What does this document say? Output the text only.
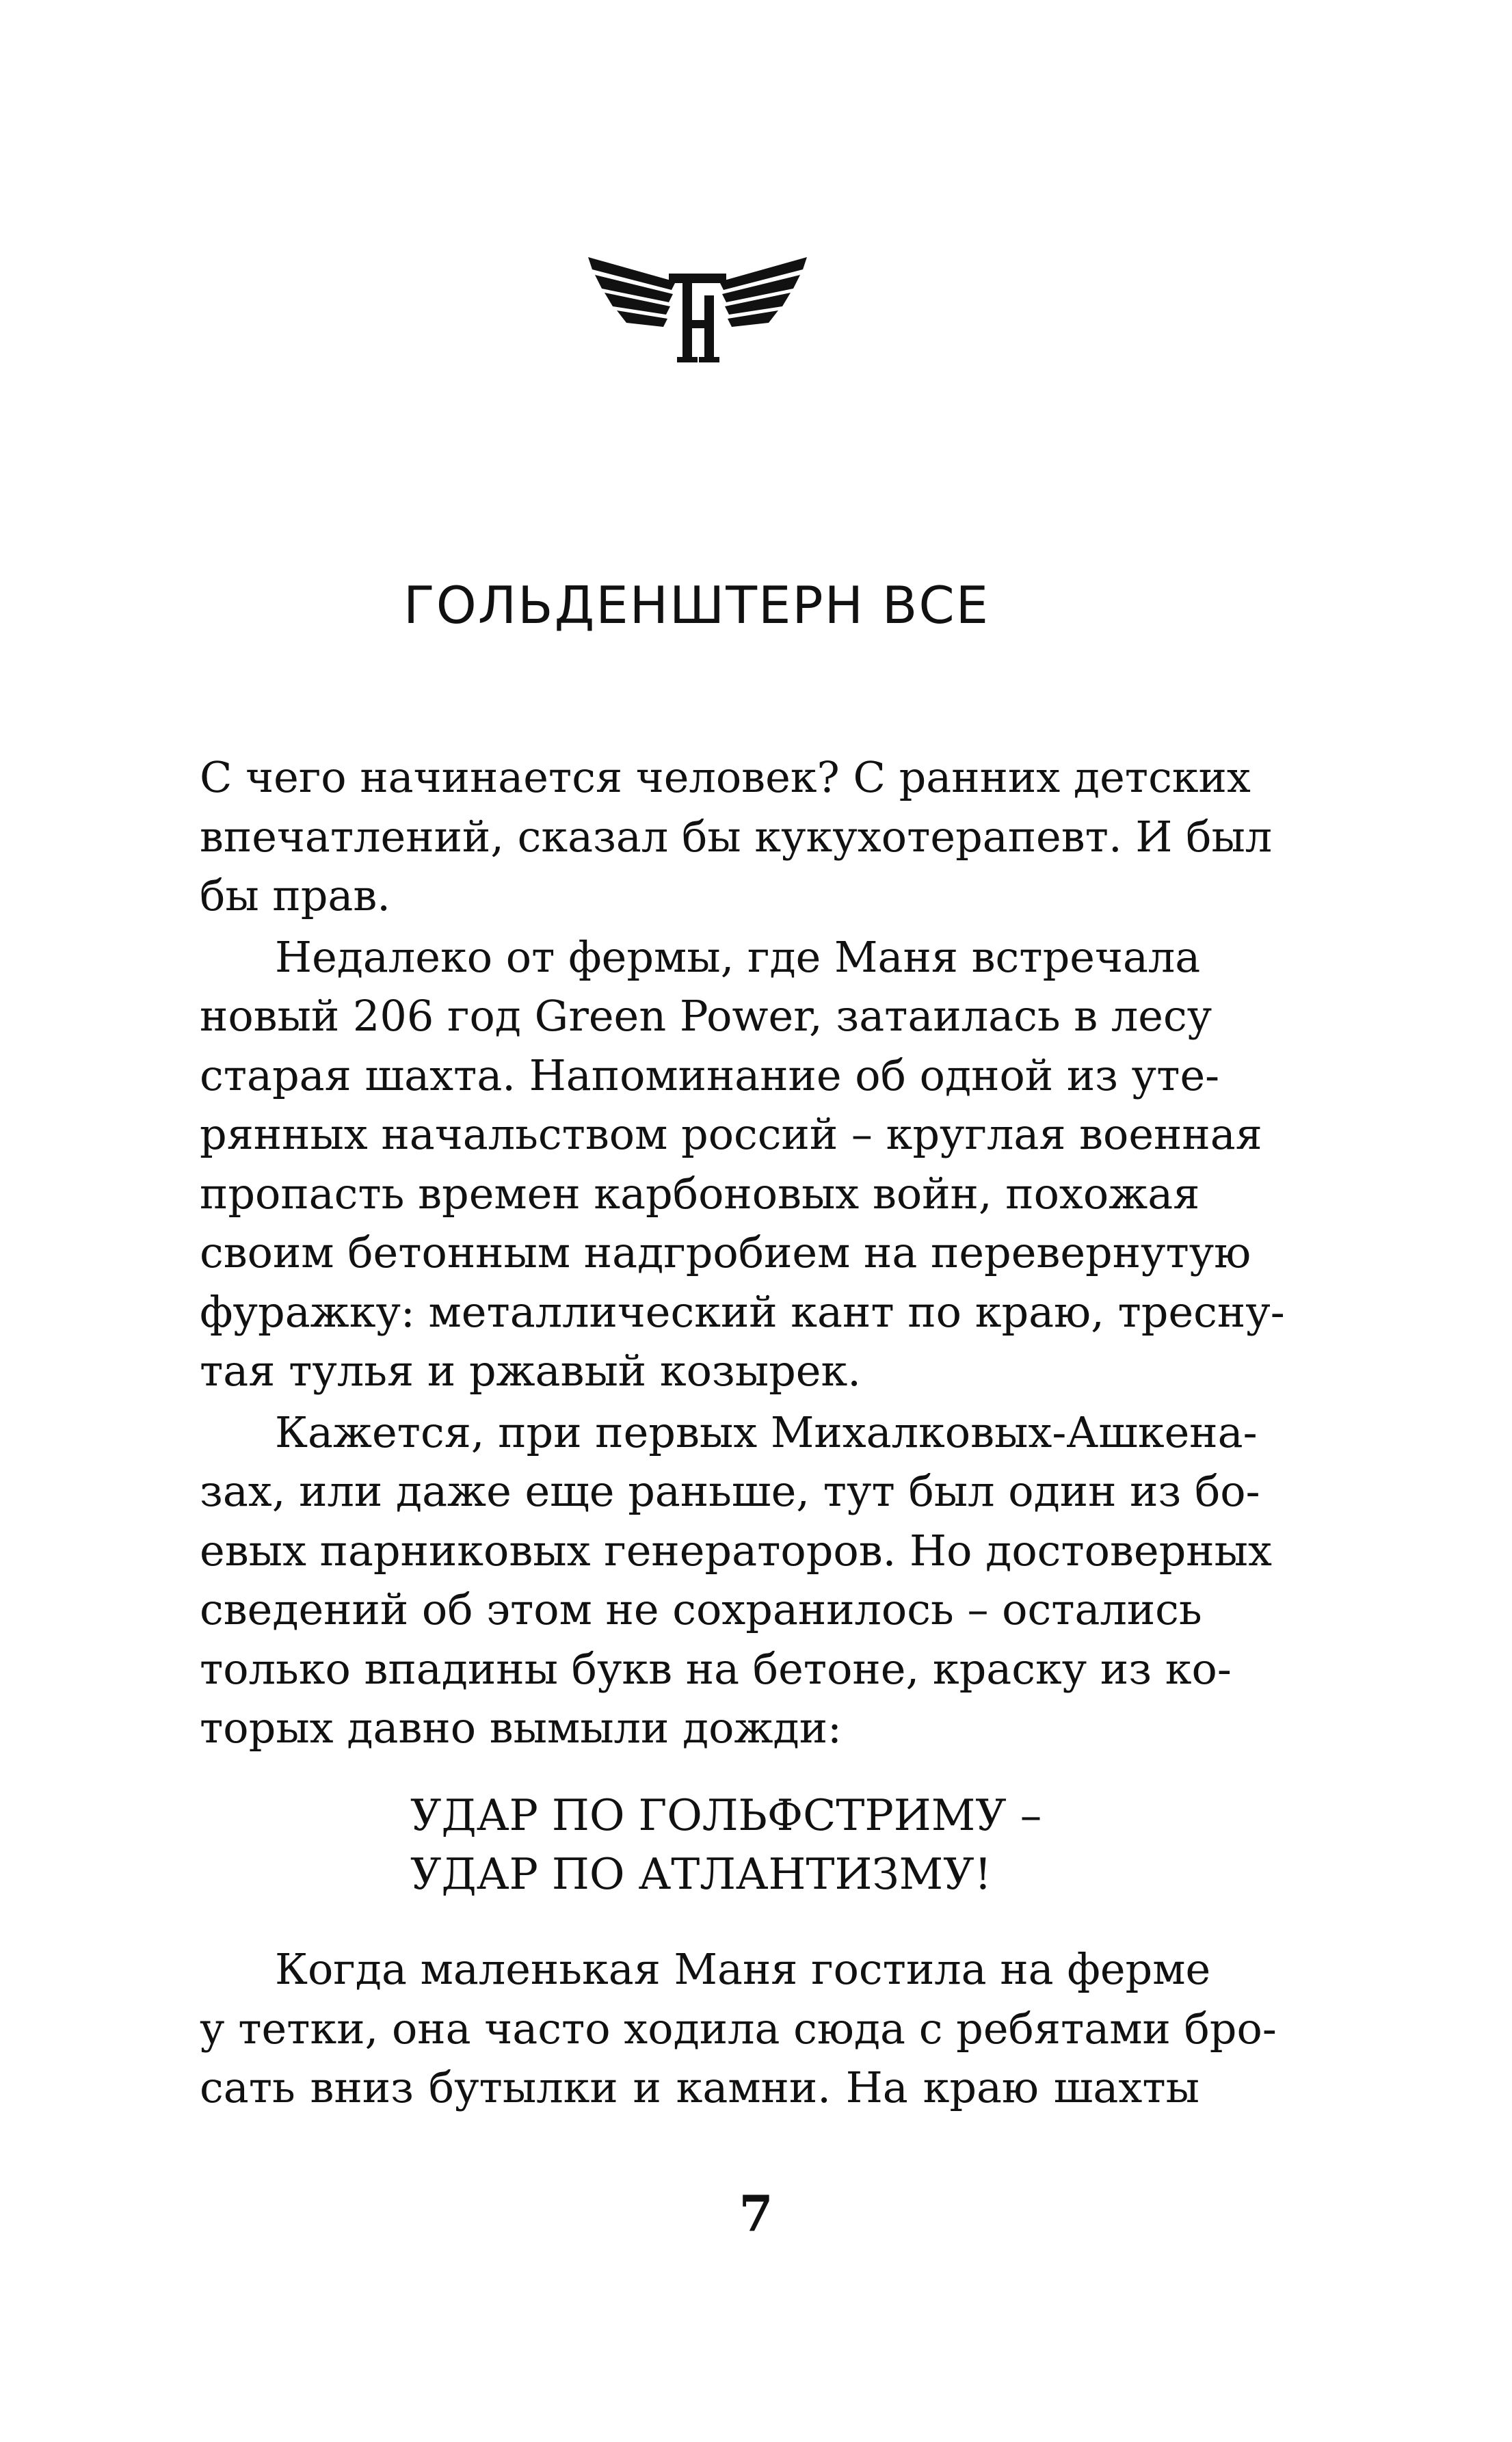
ГОЛЬДЕНШТЕРН ВСЕ
С чего начинается человек? С ранних детских
впечатлений, сказал бы кукухотерапевт. И был
бы прав.
Недалеко от фермы, где Маня встречала
новый 206 год Green Power, затаилась в лесу
старая шахта. Напоминание об одной из уте-
рянных начальством россий – круглая военная
пропасть времен карбоновых войн, похожая
своим бетонным надгробием на перевернутую
фуражку: металлический кант по краю, тресну-
тая тулья и ржавый козырек.
Кажется, при первых Михалковых-Ашкена-
зах, или даже еще раньше, тут был один из бо-
евых парниковых генераторов. Но достоверных
сведений об этом не сохранилось – остались
только впадины букв на бетоне, краску из ко-
торых давно вымыли дожди:
УДАР ПО ГОЛЬФСТРИМУ –
УДАР ПО АТЛАНТИЗМУ!
Когда маленькая Маня гостила на ферме
у тетки, она часто ходила сюда с ребятами бро-
сать вниз бутылки и камни. На краю шахты
7
